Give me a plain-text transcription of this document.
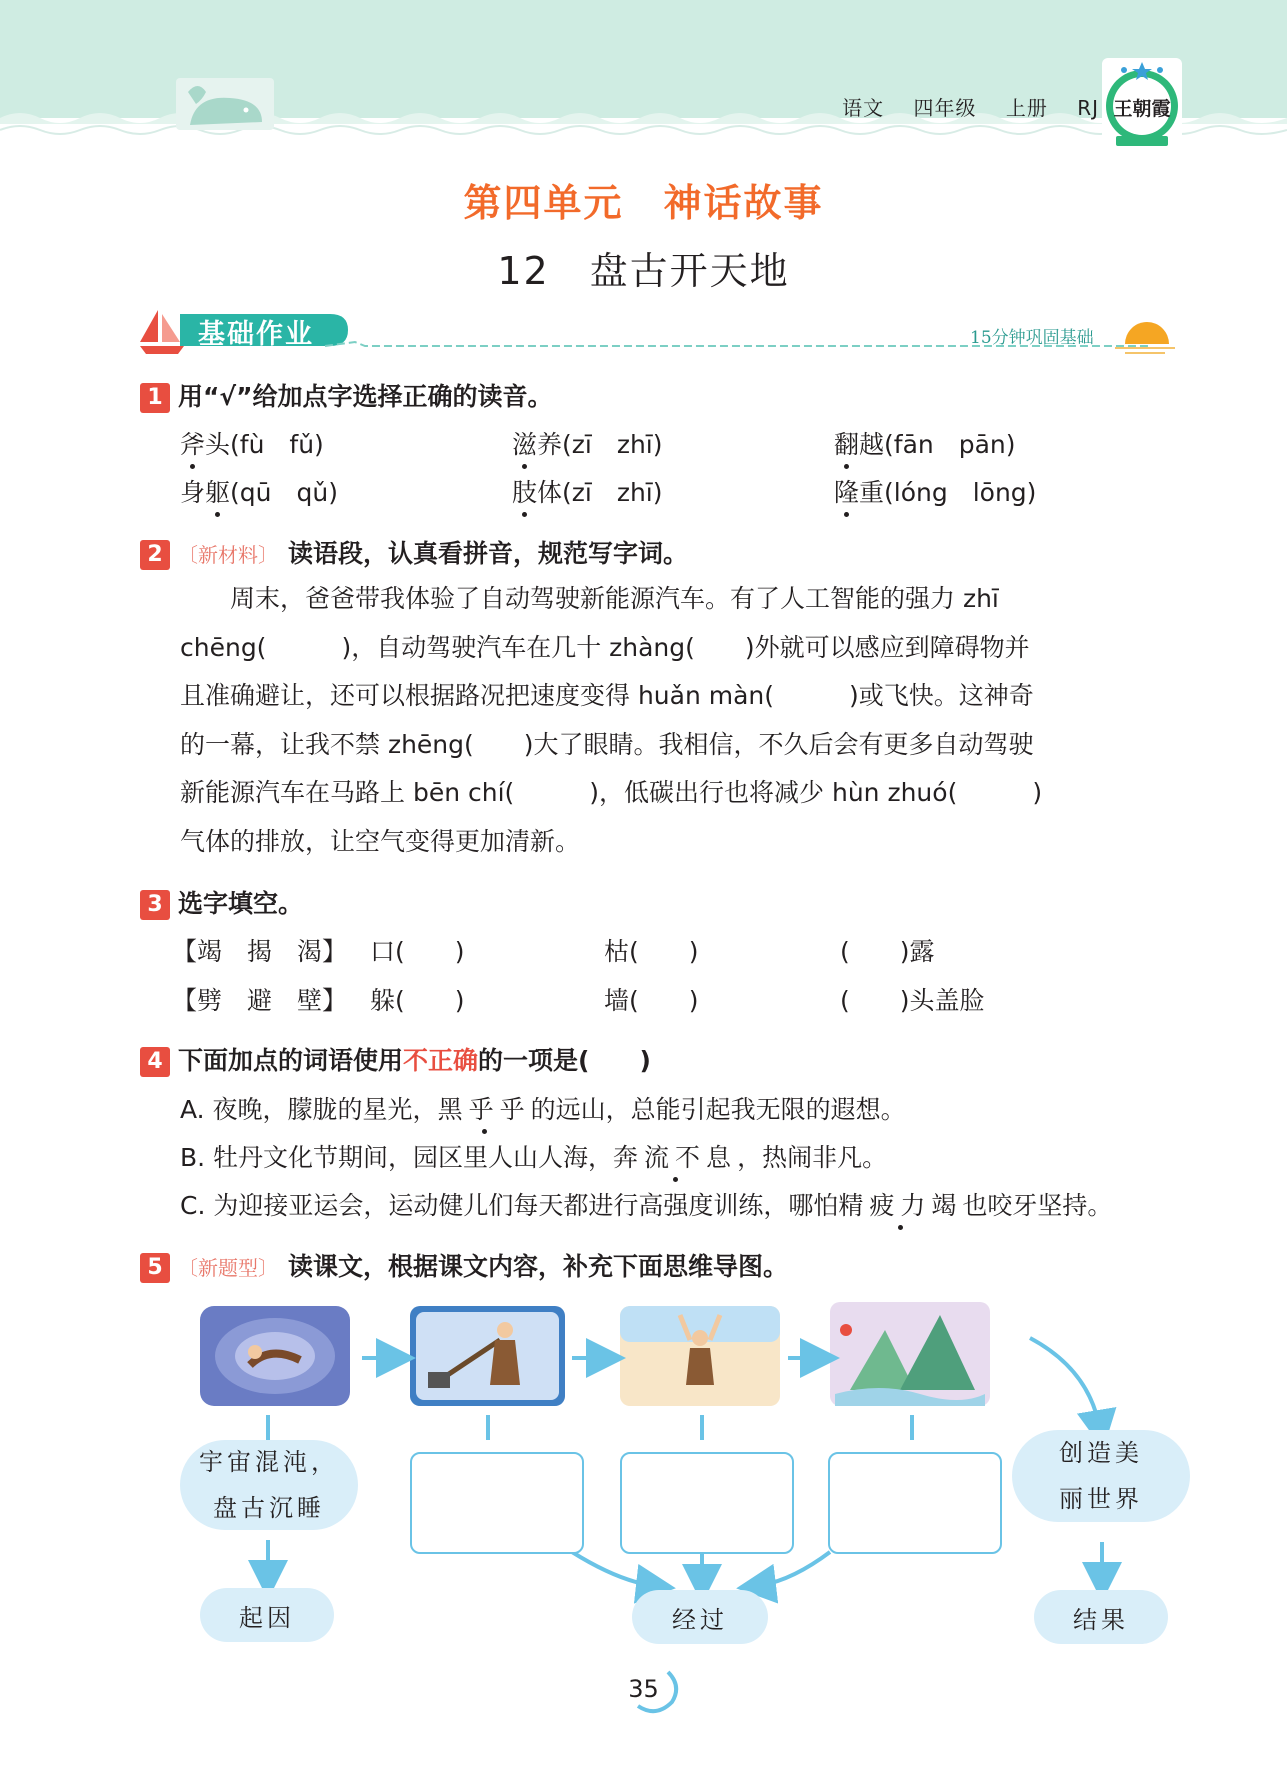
语文 四年级 上册 RJ 王朝霞
第四单元　神话故事
12　盘古开天地
基础作业	15分钟巩固基础
1 用“√”给加点字选择正确的读音。
斧头(fù　fǔ)	滋养(zī　zhī)	翻越(fān　pān)
身躯(qū　qǔ)	肢体(zī　zhī)	隆重(lóng　lōng)
2 〔新材料〕 读语段，认真看拼音，规范写字词。
　　周末，爸爸带我体验了自动驾驶新能源汽车。有了人工智能的强力 zhī
chēng(　　　)，自动驾驶汽车在几十 zhàng(　　)外就可以感应到障碍物并
且准确避让，还可以根据路况把速度变得 huǎn màn(　　　)或飞快。这神奇
的一幕，让我不禁 zhēng(　　)大了眼睛。我相信，不久后会有更多自动驾驶
新能源汽车在马路上 bēn chí(　　　)，低碳出行也将减少 hùn zhuó(　　　)
气体的排放，让空气变得更加清新。
3 选字填空。
【竭　揭　渴】 口(　　)	枯(　　)	(　　)露
【劈　避　壁】 躲(　　)	墙(　　)	(　　)头盖脸
4 下面加点的词语使用不正确的一项是(　　)
A. 夜晚，朦胧的星光，黑乎乎的远山，总能引起我无限的遐想。
B. 牡丹文化节期间，园区里人山人海，奔流不息，热闹非凡。
C. 为迎接亚运会，运动健儿们每天都进行高强度训练，哪怕精疲力竭也咬牙坚持。
5 〔新题型〕 读课文，根据课文内容，补充下面思维导图。
宇宙混沌，
盘古沉睡
创造美
丽世界
起因	经过	结果
35
